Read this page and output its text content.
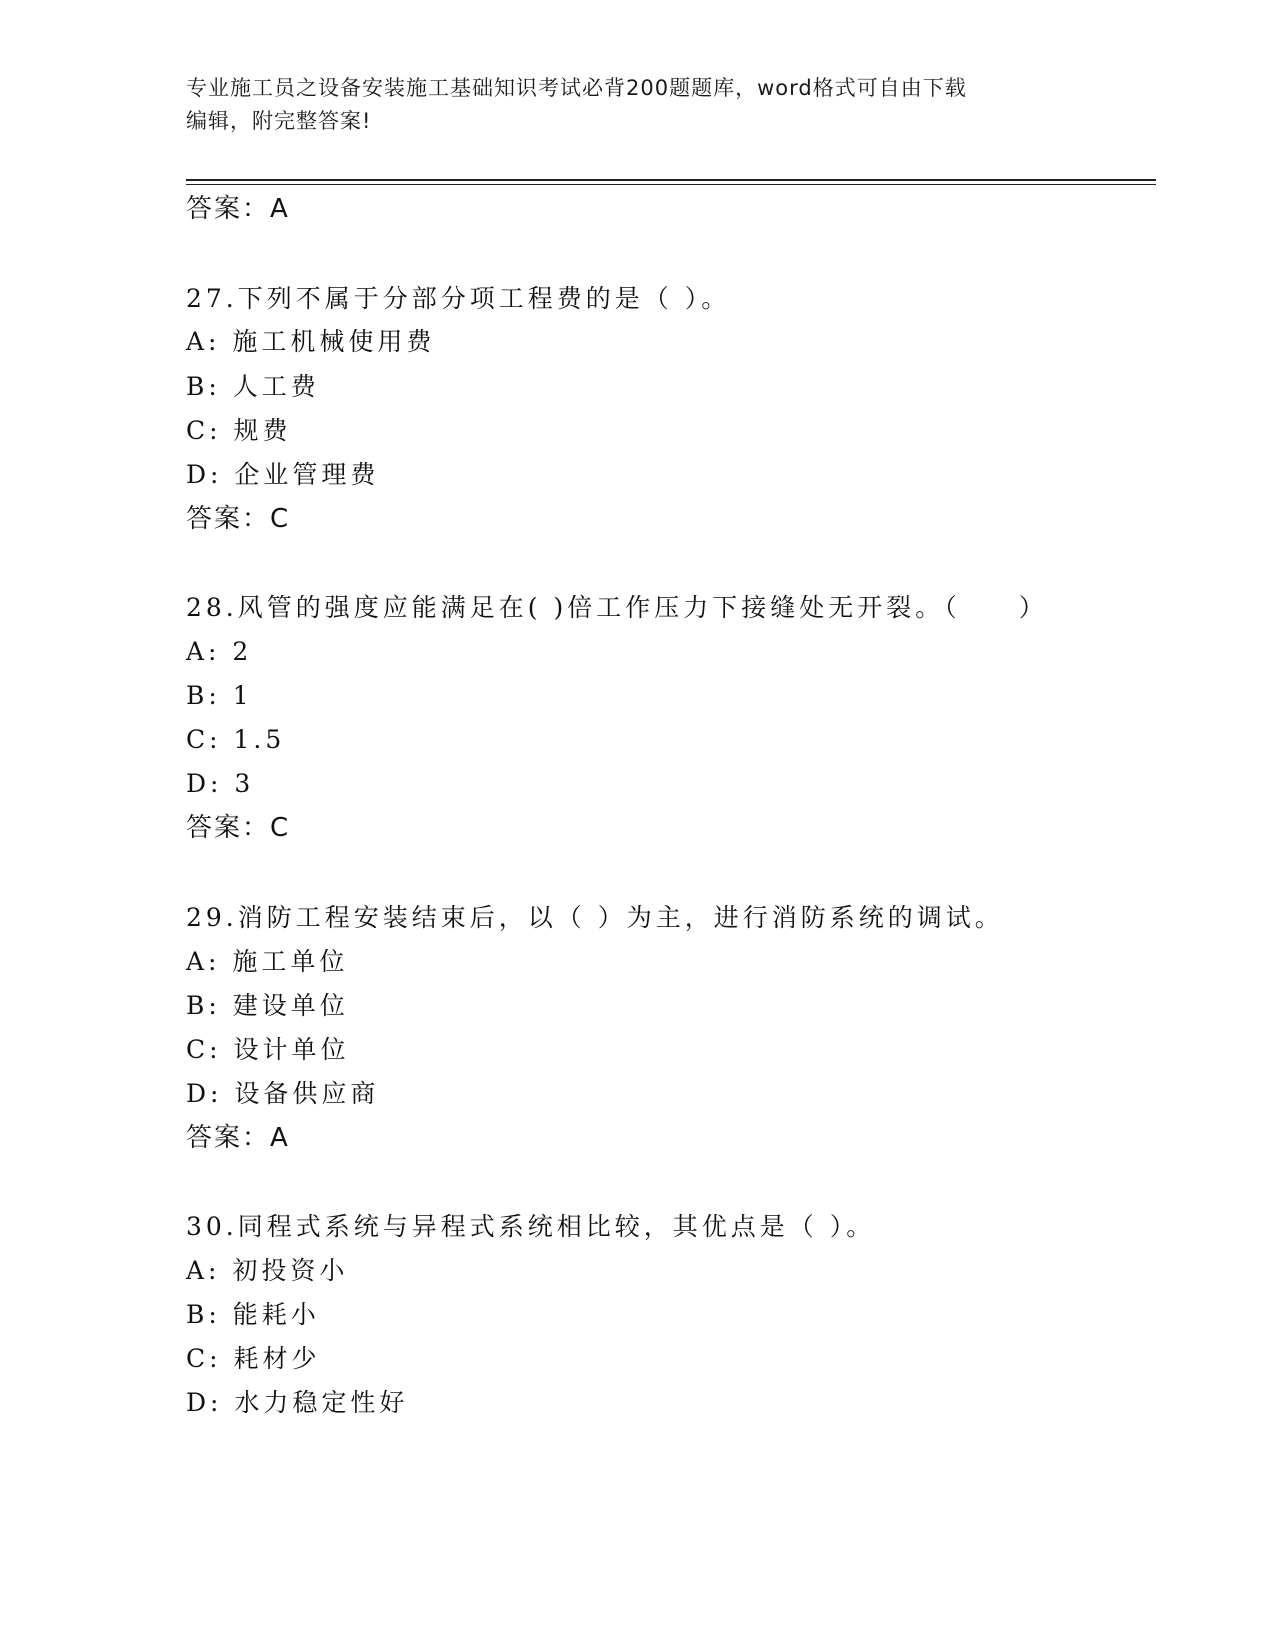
专业施工员之设备安装施工基础知识考试必背200题题库，word格式可自由下载

编辑，附完整答案!

答案：A
27.下列不属于分部分项工程费的是（ ）。
A: 施工机械使用费
B: 人工费
C: 规费
D: 企业管理费
答案：C
28.风管的强度应能满足在( )倍工作压力下接缝处无开裂。（　　）
A: 2
B: 1
C: 1.5
D: 3
答案：C
29.消防工程安装结束后，以（ ）为主，进行消防系统的调试。
A: 施工单位
B: 建设单位
C: 设计单位
D: 设备供应商
答案：A
30.同程式系统与异程式系统相比较，其优点是（ ）。
A: 初投资小
B: 能耗小
C: 耗材少
D: 水力稳定性好
